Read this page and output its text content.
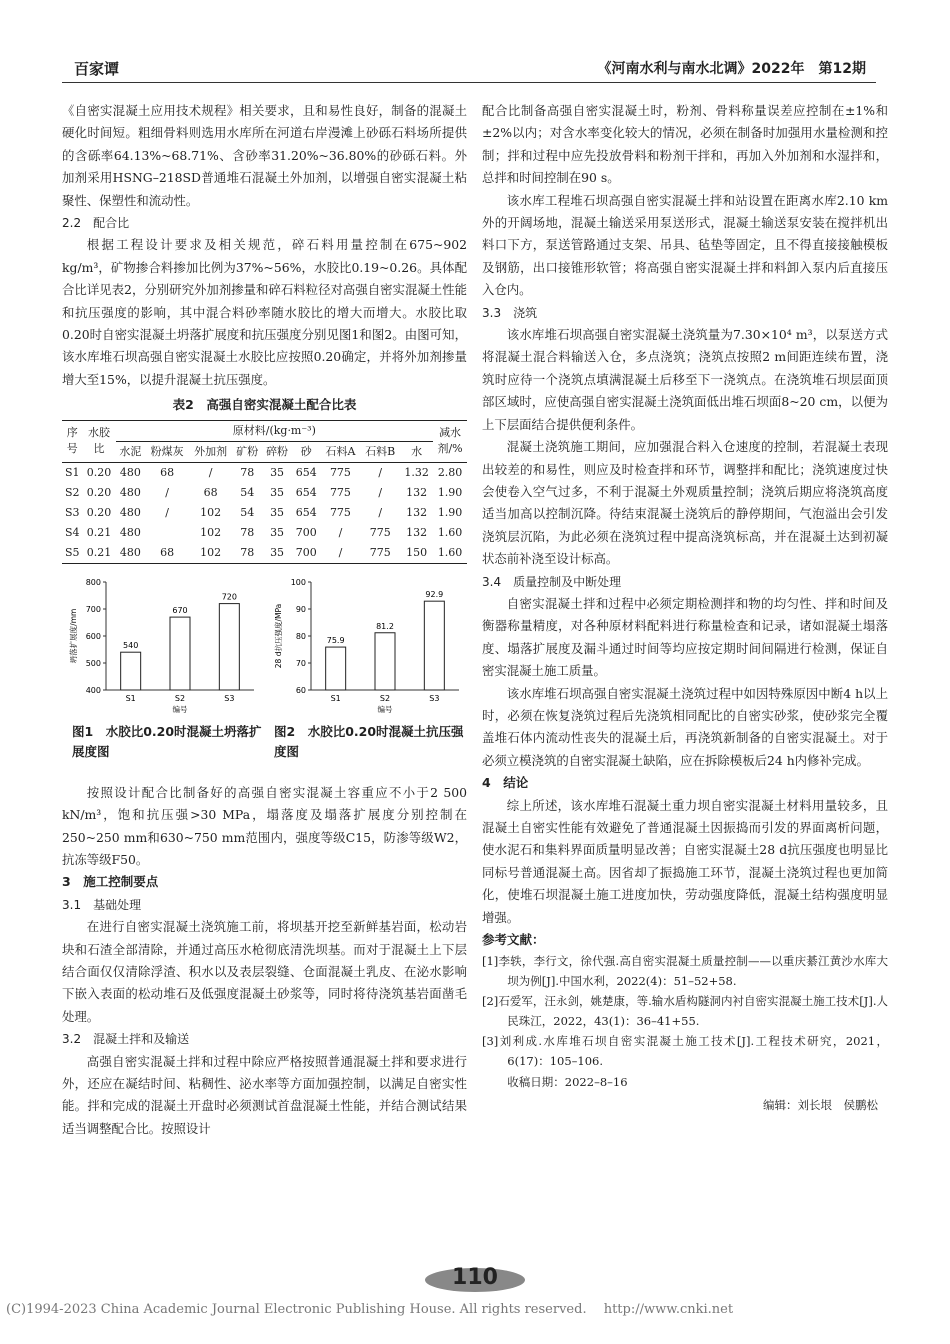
百家谭	《河南水利与南水北调》2022年　第12期

《自密实混凝土应用技术规程》相关要求，且和易性良好，制备的混凝土硬化时间短。粗细骨料则选用水库所在河道右岸漫滩上砂砾石料场所提供的含砾率64.13%~68.71%、含砂率31.20%~36.80%的砂砾石料。外加剂采用HSNG–218SD普通堆石混凝土外加剂，以增强自密实混凝土粘聚性、保塑性和流动性。

2.2　配合比

根据工程设计要求及相关规范，碎石料用量控制在675~902 kg/m³，矿物掺合料掺加比例为37%~56%，水胶比0.19~0.26。具体配合比详见表2，分别研究外加剂掺量和碎石料粒径对高强自密实混凝土性能和抗压强度的影响，其中混合料砂率随水胶比的增大而增大。水胶比取0.20时自密实混凝土坍落扩展度和抗压强度分别见图1和图2。由图可知，该水库堆石坝高强自密实混凝土水胶比应按照0.20确定，并将外加剂掺量增大至15%，以提升混凝土抗压强度。

表2　高强自密实混凝土配合比表
序
号	水胶
比	原材料/(kg·m⁻³)									减水
剂/%
		水泥	粉煤灰	外加剂	矿粉	碎粉	砂	石料A	石料B	水	
S1	0.20	480	68	/	78	35	654	775	/	1.32	2.80
S2	0.20	480	/	68	54	35	654	775	/	132	1.90
S3	0.20	480	/	102	54	35	654	775	/	132	1.90
S4	0.21	480		102	78	35	700	/	775	132	1.60
S5	0.21	480	68	102	78	35	700	/	775	150	1.60
400
500
600
700
800
坍落扩展度/mm	540
S1
670
S2
720
S3
编号
60
70
80
90
100
28 d抗压强度/MPa	75.9
S1
81.2
S2
92.9
S3
编号
图1　水胶比0.20时混凝土坍落扩展度图
图2　水胶比0.20时混凝土抗压强度图

按照设计配合比制备好的高强自密实混凝土容重应不小于2 500 kN/m³，饱和抗压强>30 MPa，塌落度及塌落扩展度分别控制在250~250 mm和630~750 mm范围内，强度等级C15，防渗等级W2，抗冻等级F50。

3　施工控制要点

3.1　基础处理

在进行自密实混凝土浇筑施工前，将坝基开挖至新鲜基岩面，松动岩块和石渣全部清除，并通过高压水枪彻底清洗坝基。而对于混凝土上下层结合面仅仅清除浮渣、积水以及表层裂缝、仓面混凝土乳皮、在泌水影响下嵌入表面的松动堆石及低强度混凝土砂浆等，同时将待浇筑基岩面凿毛处理。

3.2　混凝土拌和及输送

高强自密实混凝土拌和过程中除应严格按照普通混凝土拌和要求进行外，还应在凝结时间、粘稠性、泌水率等方面加强控制，以满足自密实性能。拌和完成的混凝土开盘时必须测试首盘混凝土性能，并结合测试结果适当调整配合比。按照设计

配合比制备高强自密实混凝土时，粉剂、骨料称量误差应控制在±1%和±2%以内；对含水率变化较大的情况，必须在制备时加强用水量检测和控制；拌和过程中应先投放骨料和粉剂干拌和，再加入外加剂和水湿拌和，总拌和时间控制在90 s。

该水库工程堆石坝高强自密实混凝土拌和站设置在距离水库2.10 km外的开阔场地，混凝土输送采用泵送形式，混凝土输送泵安装在搅拌机出料口下方，泵送管路通过支架、吊具、毡垫等固定，且不得直接接触模板及钢筋，出口接锥形软管；将高强自密实混凝土拌和料卸入泵内后直接压入仓内。

3.3　浇筑

该水库堆石坝高强自密实混凝土浇筑量为7.30×10⁴ m³，以泵送方式将混凝土混合料输送入仓，多点浇筑；浇筑点按照2 m间距连续布置，浇筑时应待一个浇筑点填满混凝土后移至下一浇筑点。在浇筑堆石坝层面顶部区域时，应使高强自密实混凝土浇筑面低出堆石坝面8~20 cm，以便为上下层面结合提供便利条件。

混凝土浇筑施工期间，应加强混合料入仓速度的控制，若混凝土表现出较差的和易性，则应及时检查拌和环节，调整拌和配比；浇筑速度过快会使卷入空气过多，不利于混凝土外观质量控制；浇筑后期应将浇筑高度适当加高以控制沉降。待结束混凝土浇筑后的静停期间，气泡溢出会引发浇筑层沉陷，为此必须在浇筑过程中提高浇筑标高，并在混凝土达到初凝状态前补浇至设计标高。

3.4　质量控制及中断处理

自密实混凝土拌和过程中必须定期检测拌和物的均匀性、拌和时间及衡器称量精度，对各种原材料配料进行称量检查和记录，诸如混凝土塌落度、塌落扩展度及漏斗通过时间等均应按定期时间间隔进行检测，保证自密实混凝土施工质量。

该水库堆石坝高强自密实混凝土浇筑过程中如因特殊原因中断4 h以上时，必须在恢复浇筑过程后先浇筑相同配比的自密实砂浆，使砂浆完全覆盖堆石体内流动性丧失的混凝土后，再浇筑新制备的自密实混凝土。对于必须立模浇筑的自密实混凝土缺陷，应在拆除模板后24 h内修补完成。

4　结论

综上所述，该水库堆石混凝土重力坝自密实混凝土材料用量较多，且混凝土自密实性能有效避免了普通混凝土因振捣而引发的界面离析问题，使水泥石和集料界面质量明显改善；自密实混凝土28 d抗压强度也明显比同标号普通混凝土高。因省却了振捣施工环节，混凝土浇筑过程也更加简化，使堆石坝混凝土施工进度加快，劳动强度降低，混凝土结构强度明显增强。

参考文献：

[1]李轶，李行文，徐代强.高自密实混凝土质量控制——以重庆綦江黄沙水库大坝为例[J].中国水利，2022(4)：51–52+58.

[2]石爱军，汪永剑，姚楚康，等.输水盾构隧洞内衬自密实混凝土施工技术[J].人民珠江，2022，43(1)：36–41+55.

[3]刘利成.水库堆石坝自密实混凝土施工技术[J].工程技术研究，2021，6(17)：105–106.

收稿日期：2022–8–16
编辑：刘长垠　侯鹏松
110
(C)1994-2023 China Academic Journal Electronic Publishing House. All rights reserved.　 http://www.cnki.net
